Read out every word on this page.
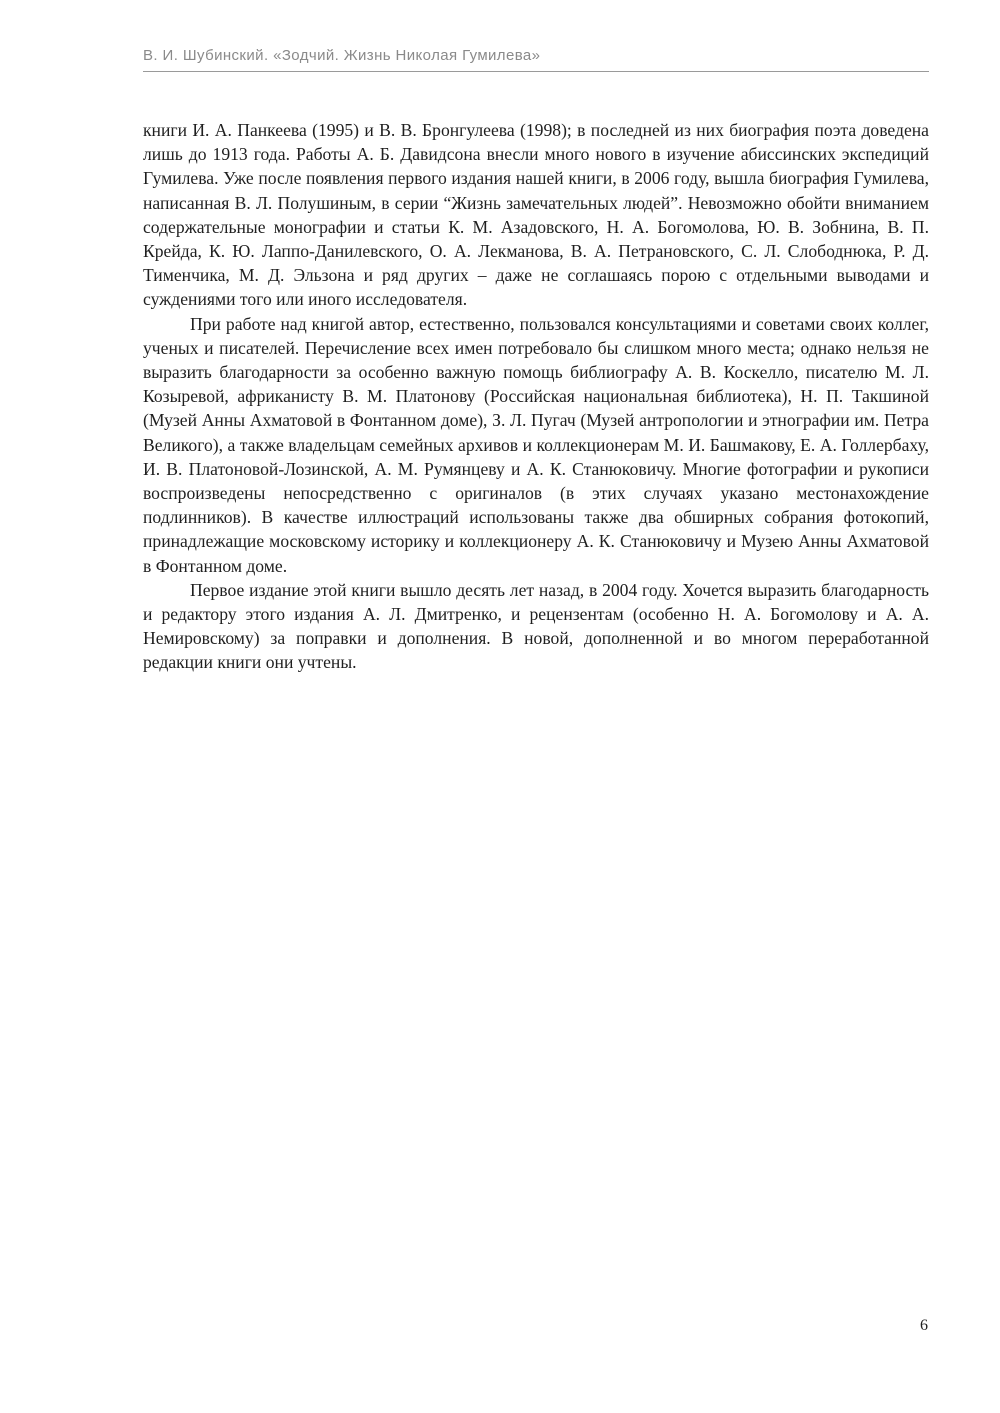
В. И. Шубинский. «Зодчий. Жизнь Николая Гумилева»

книги И. А. Панкеева (1995) и В. В. Бронгулеева (1998); в последней из них биография поэта доведена лишь до 1913 года. Работы А. Б. Давидсона внесли много нового в изучение абиссинских экспедиций Гумилева. Уже после появления первого издания нашей книги, в 2006 году, вышла биография Гумилева, написанная В. Л. Полушиным, в серии “Жизнь замечательных людей”. Невозможно обойти вниманием содержательные монографии и статьи К. М. Азадовского, Н. А. Богомолова, Ю. В. Зобнина, В. П. Крейда, К. Ю. Лаппо-Данилевского, О. А. Лекманова, В. А. Петрановского, С. Л. Слободнюка, Р. Д. Тименчика, М. Д. Эльзона и ряд других – даже не соглашаясь порою с отдельными выводами и суждениями того или иного исследователя.

При работе над книгой автор, естественно, пользовался консультациями и советами своих коллег, ученых и писателей. Перечисление всех имен потребовало бы слишком много места; однако нельзя не выразить благодарности за особенно важную помощь библиографу А. В. Коскелло, писателю М. Л. Козыревой, африканисту В. М. Платонову (Российская национальная библиотека), Н. П. Такшиной (Музей Анны Ахматовой в Фонтанном доме), З. Л. Пугач (Музей антропологии и этнографии им. Петра Великого), а также владельцам семейных архивов и коллекционерам М. И. Башмакову, Е. А. Голлербаху, И. В. Платоновой-Лозинской, А. М. Румянцеву и А. К. Станюковичу. Многие фотографии и рукописи воспроизведены непосредственно с оригиналов (в этих случаях указано местонахождение подлинников). В качестве иллюстраций использованы также два обширных собрания фотокопий, принадлежащие московскому историку и коллекционеру А. К. Станюковичу и Музею Анны Ахматовой в Фонтанном доме.

Первое издание этой книги вышло десять лет назад, в 2004 году. Хочется выразить благодарность и редактору этого издания А. Л. Дмитренко, и рецензентам (особенно Н. А. Богомолову и А. А. Немировскому) за поправки и дополнения. В новой, дополненной и во многом переработанной редакции книги они учтены.

6
